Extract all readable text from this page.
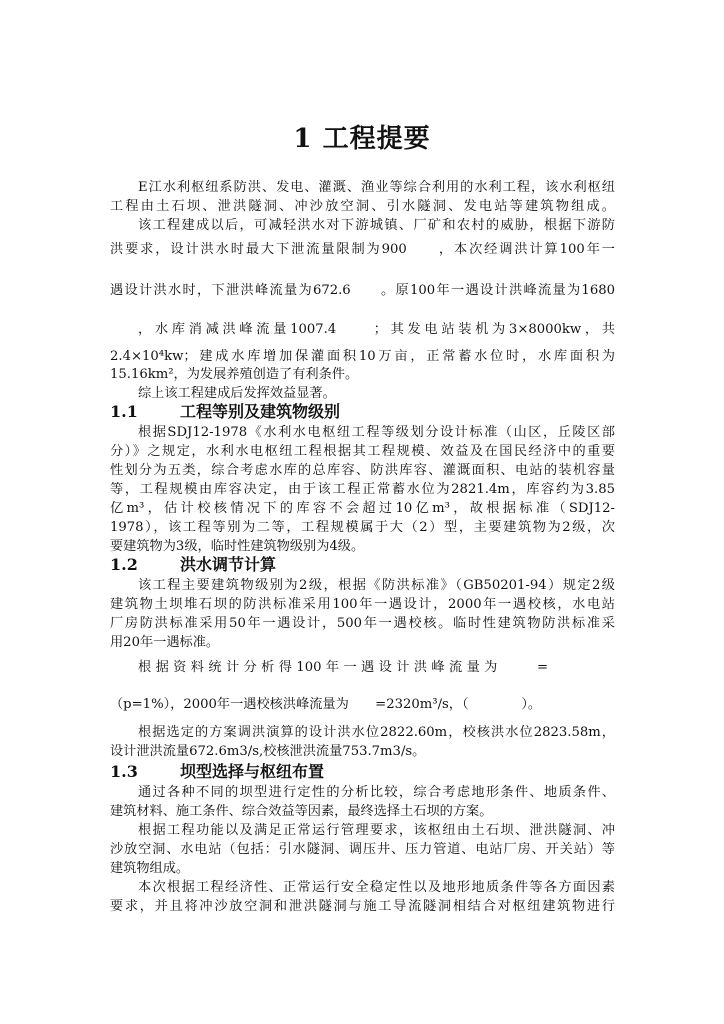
1 工程提要
E江水利枢纽系防洪、发电、灌溉、渔业等综合利用的水利工程，该水利枢纽
工程由土石坝、泄洪隧洞、冲沙放空洞、引水隧洞、发电站等建筑物组成。
该工程建成以后，可减轻洪水对下游城镇、厂矿和农村的威胁，根据下游防
洪要求，设计洪水时最大下泄流量限制为900　　，本次经调洪计算100年一
遇设计洪水时，下泄洪峰流量为672.6　　。原100年一遇设计洪峰流量为1680
，水库消减洪峰流量1007.4　　；其发电站装机为3×8000kw，共
2.4×10⁴kw；建成水库增加保灌面积10万亩，正常蓄水位时，水库面积为
15.16km²，为发展养殖创造了有利条件。
综上该工程建成后发挥效益显著。
1.1	工程等别及建筑物级别
根据SDJ12-1978《水利水电枢纽工程等级划分设计标准（山区，丘陵区部
分）》之规定，水利水电枢纽工程根据其工程规模、效益及在国民经济中的重要
性划分为五类，综合考虑水库的总库容、防洪库容、灌溉面积、电站的装机容量
等，工程规模由库容决定，由于该工程正常蓄水位为2821.4m，库容约为3.85
亿m³，估计校核情况下的库容不会超过10亿m³，故根据标准（SDJ12-
1978），该工程等别为二等，工程规模属于大（2）型，主要建筑物为2级，次
要建筑物为3级，临时性建筑物级别为4级。
1.2	洪水调节计算
该工程主要建筑物级别为2级，根据《防洪标准》（GB50201-94）规定2级
建筑物土坝堆石坝的防洪标准采用100年一遇设计，2000年一遇校核，水电站
厂房防洪标准采用50年一遇设计，500年一遇校核。临时性建筑物防洪标准采
用20年一遇标准。
根据资料统计分析得100年一遇设计洪峰流量为　　=
（p=1%），2000年一遇校核洪峰流量为　　=2320m³/s，（　　　　）。
根据选定的方案调洪演算的设计洪水位2822.60m，校核洪水位2823.58m，
设计泄洪流量672.6m3/s,校核泄洪流量753.7m3/s。
1.3	坝型选择与枢纽布置
通过各种不同的坝型进行定性的分析比较，综合考虑地形条件、地质条件、
建筑材料、施工条件、综合效益等因素，最终选择土石坝的方案。
根据工程功能以及满足正常运行管理要求，该枢纽由土石坝、泄洪隧洞、冲
沙放空洞、水电站（包括：引水隧洞、调压井、压力管道、电站厂房、开关站）等
建筑物组成。
本次根据工程经济性、正常运行安全稳定性以及地形地质条件等各方面因素
要求，并且将冲沙放空洞和泄洪隧洞与施工导流隧洞相结合对枢纽建筑物进行
